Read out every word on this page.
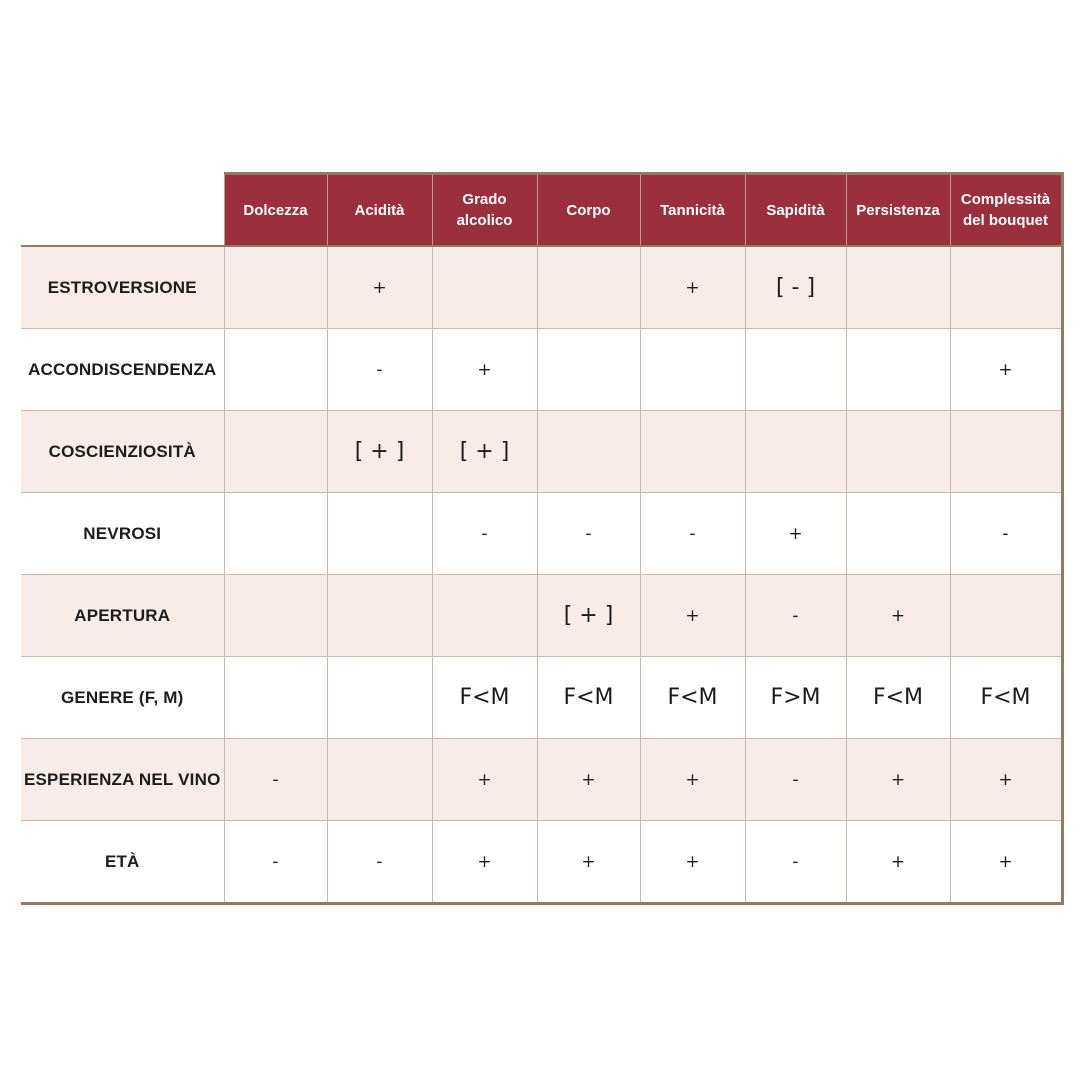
	Dolcezza	Acidità	Grado alcolico	Corpo	Tannicità	Sapidità	Persistenza	Complessità del bouquet
ESTROVERSIONE		+			+	[ - ]		
ACCONDISCENDENZA		-	+					+
COSCIENZIOSITÀ		[ + ]	[ + ]					
NEVROSI			-	-	-	+		-
APERTURA				[ + ]	+	-	+	
GENERE (F, M)			F<M	F<M	F<M	F>M	F<M	F<M
ESPERIENZA NEL VINO	-		+	+	+	-	+	+
ETÀ	-	-	+	+	+	-	+	+
